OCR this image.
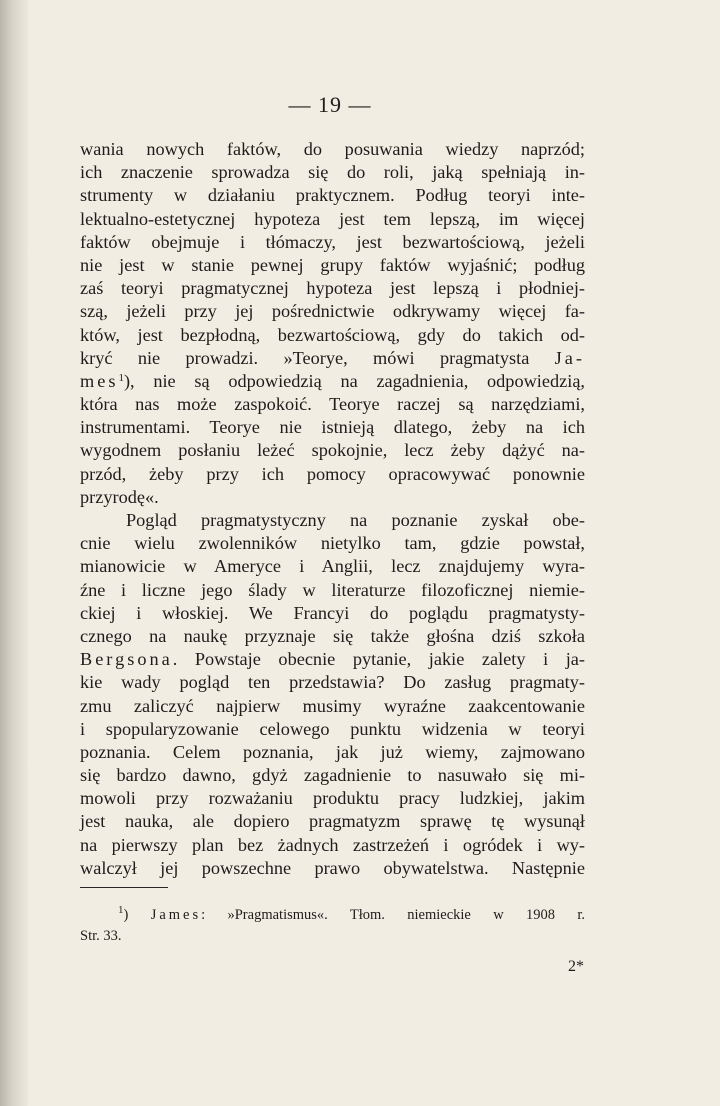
— 19 —

wania nowych faktów, do posuwania wiedzy naprzód;

ich znaczenie sprowadza się do roli, jaką spełniają in-

strumenty w działaniu praktycznem. Podług teoryi inte-

lektualno-estetycznej hypoteza jest tem lepszą, im więcej

faktów obejmuje i tłómaczy, jest bezwartościową, jeżeli

nie jest w stanie pewnej grupy faktów wyjaśnić; podług

zaś teoryi pragmatycznej hypoteza jest lepszą i płodniej-

szą, jeżeli przy jej pośrednictwie odkrywamy więcej fa-

któw, jest bezpłodną, bezwartościową, gdy do takich od-

kryć nie prowadzi. »Teorye, mówi pragmatysta Ja-

mes$^1$), nie są odpowiedzią na zagadnienia, odpowiedzią,

która nas może zaspokoić. Teorye raczej są narzędziami,

instrumentami. Teorye nie istnieją dlatego, żeby na ich

wygodnem posłaniu leżeć spokojnie, lecz żeby dążyć na-

przód, żeby przy ich pomocy opracowywać ponownie

przyrodę«.

Pogląd pragmatystyczny na poznanie zyskał obe-

cnie wielu zwolenników nietylko tam, gdzie powstał,

mianowicie w Ameryce i Anglii, lecz znajdujemy wyra-

źne i liczne jego ślady w literaturze filozoficznej niemie-

ckiej i włoskiej. We Francyi do poglądu pragmatysty-

cznego na naukę przyznaje się także głośna dziś szkoła

Bergsona. Powstaje obecnie pytanie, jakie zalety i ja-

kie wady pogląd ten przedstawia? Do zasług pragmaty-

zmu zaliczyć najpierw musimy wyraźne zaakcentowanie

i spopularyzowanie celowego punktu widzenia w teoryi

poznania. Celem poznania, jak już wiemy, zajmowano

się bardzo dawno, gdyż zagadnienie to nasuwało się mi-

mowoli przy rozważaniu produktu pracy ludzkiej, jakim

jest nauka, ale dopiero pragmatyzm sprawę tę wysunął

na pierwszy plan bez żadnych zastrzeżeń i ogródek i wy-

walczył jej powszechne prawo obywatelstwa. Następnie

$^1$) James: »Pragmatismus«. Tłom. niemieckie w 1908 r.
Str. 33.
2*
